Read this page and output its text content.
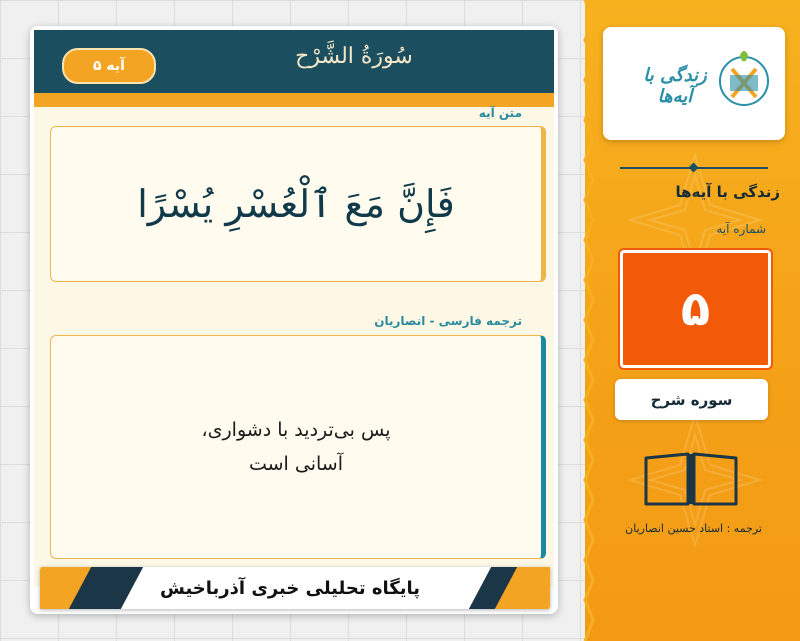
آیه ۵	سُورَةُ الشَّرْح
متن آیه
فَإِنَّ مَعَ ٱلْعُسْرِ يُسْرًا
ترجمه فارسی - انصاریان
پس بی‌تردید با دشواری،
آسانی است
پایگاه تحلیلی خبری آذرباخیش
زندگی با آیه‌ها
زندگی با آیه‌ها
شماره آیه
۵
سوره شرح
ترجمه : استاد حسین انصاریان
